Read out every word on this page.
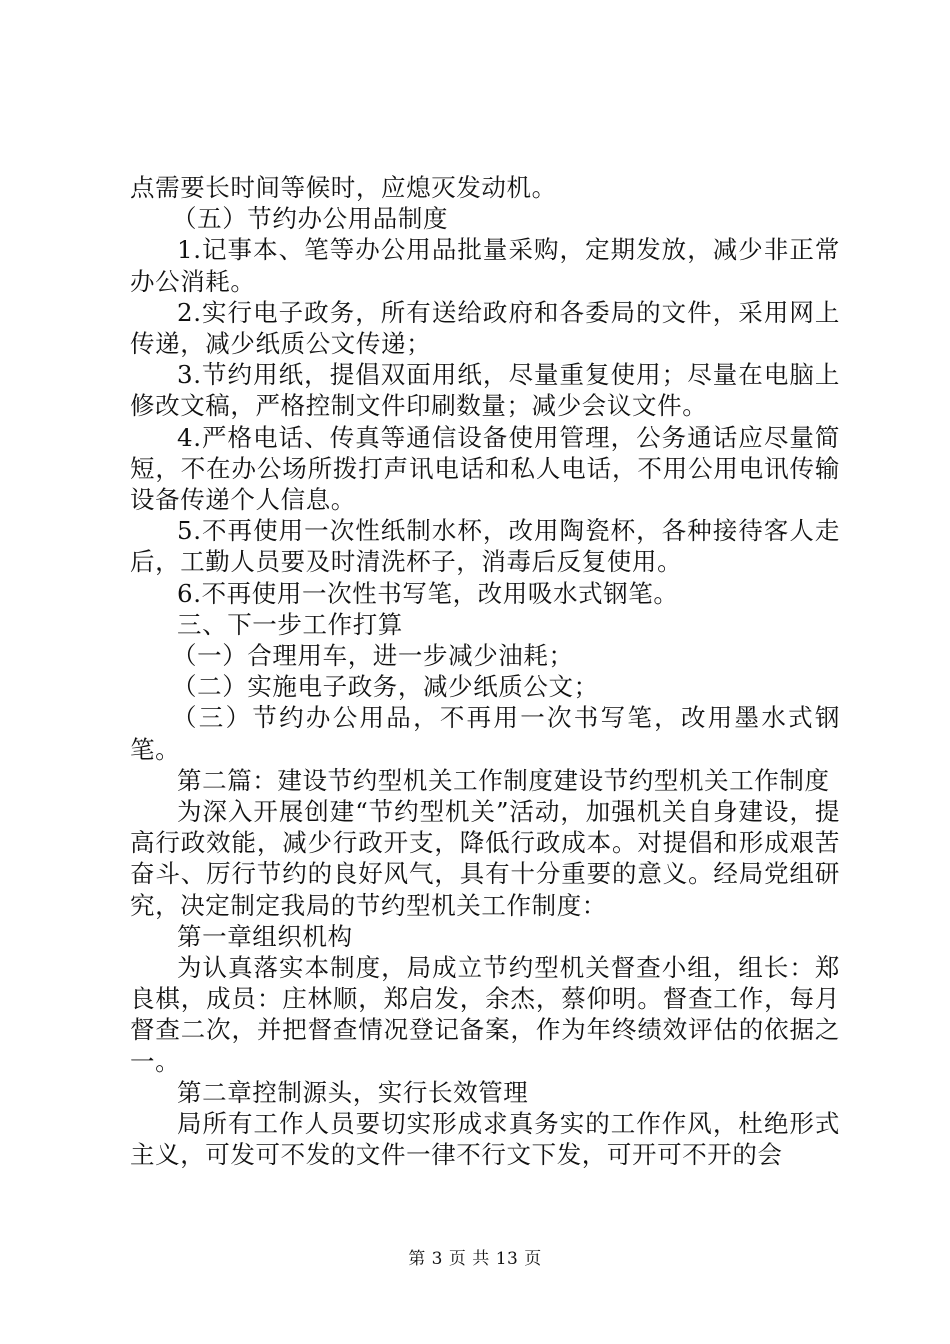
点需要长时间等候时，应熄灭发动机。

（五）节约办公用品制度

1.记事本、笔等办公用品批量采购，定期发放，减少非正常办公消耗。

2.实行电子政务，所有送给政府和各委局的文件，采用网上传递，减少纸质公文传递；

3.节约用纸，提倡双面用纸，尽量重复使用；尽量在电脑上修改文稿，严格控制文件印刷数量；减少会议文件。

4.严格电话、传真等通信设备使用管理，公务通话应尽量简短，不在办公场所拨打声讯电话和私人电话，不用公用电讯传输设备传递个人信息。

5.不再使用一次性纸制水杯，改用陶瓷杯，各种接待客人走后，工勤人员要及时清洗杯子，消毒后反复使用。

6.不再使用一次性书写笔，改用吸水式钢笔。

三、下一步工作打算

（一）合理用车，进一步减少油耗；

（二）实施电子政务，减少纸质公文；

（三）节约办公用品，不再用一次书写笔，改用墨水式钢笔。

第二篇：建设节约型机关工作制度建设节约型机关工作制度

为深入开展创建“节约型机关”活动，加强机关自身建设，提高行政效能，减少行政开支，降低行政成本。对提倡和形成艰苦奋斗、厉行节约的良好风气，具有十分重要的意义。经局党组研究，决定制定我局的节约型机关工作制度：

第一章组织机构

为认真落实本制度，局成立节约型机关督查小组，组长：郑良棋，成员：庄林顺，郑启发，余杰，蔡仰明。督查工作，每月督查二次，并把督查情况登记备案，作为年终绩效评估的依据之一。

第二章控制源头，实行长效管理

局所有工作人员要切实形成求真务实的工作作风，杜绝形式主义，可发可不发的文件一律不行文下发，可开可不开的会

第 3 页 共 13 页
